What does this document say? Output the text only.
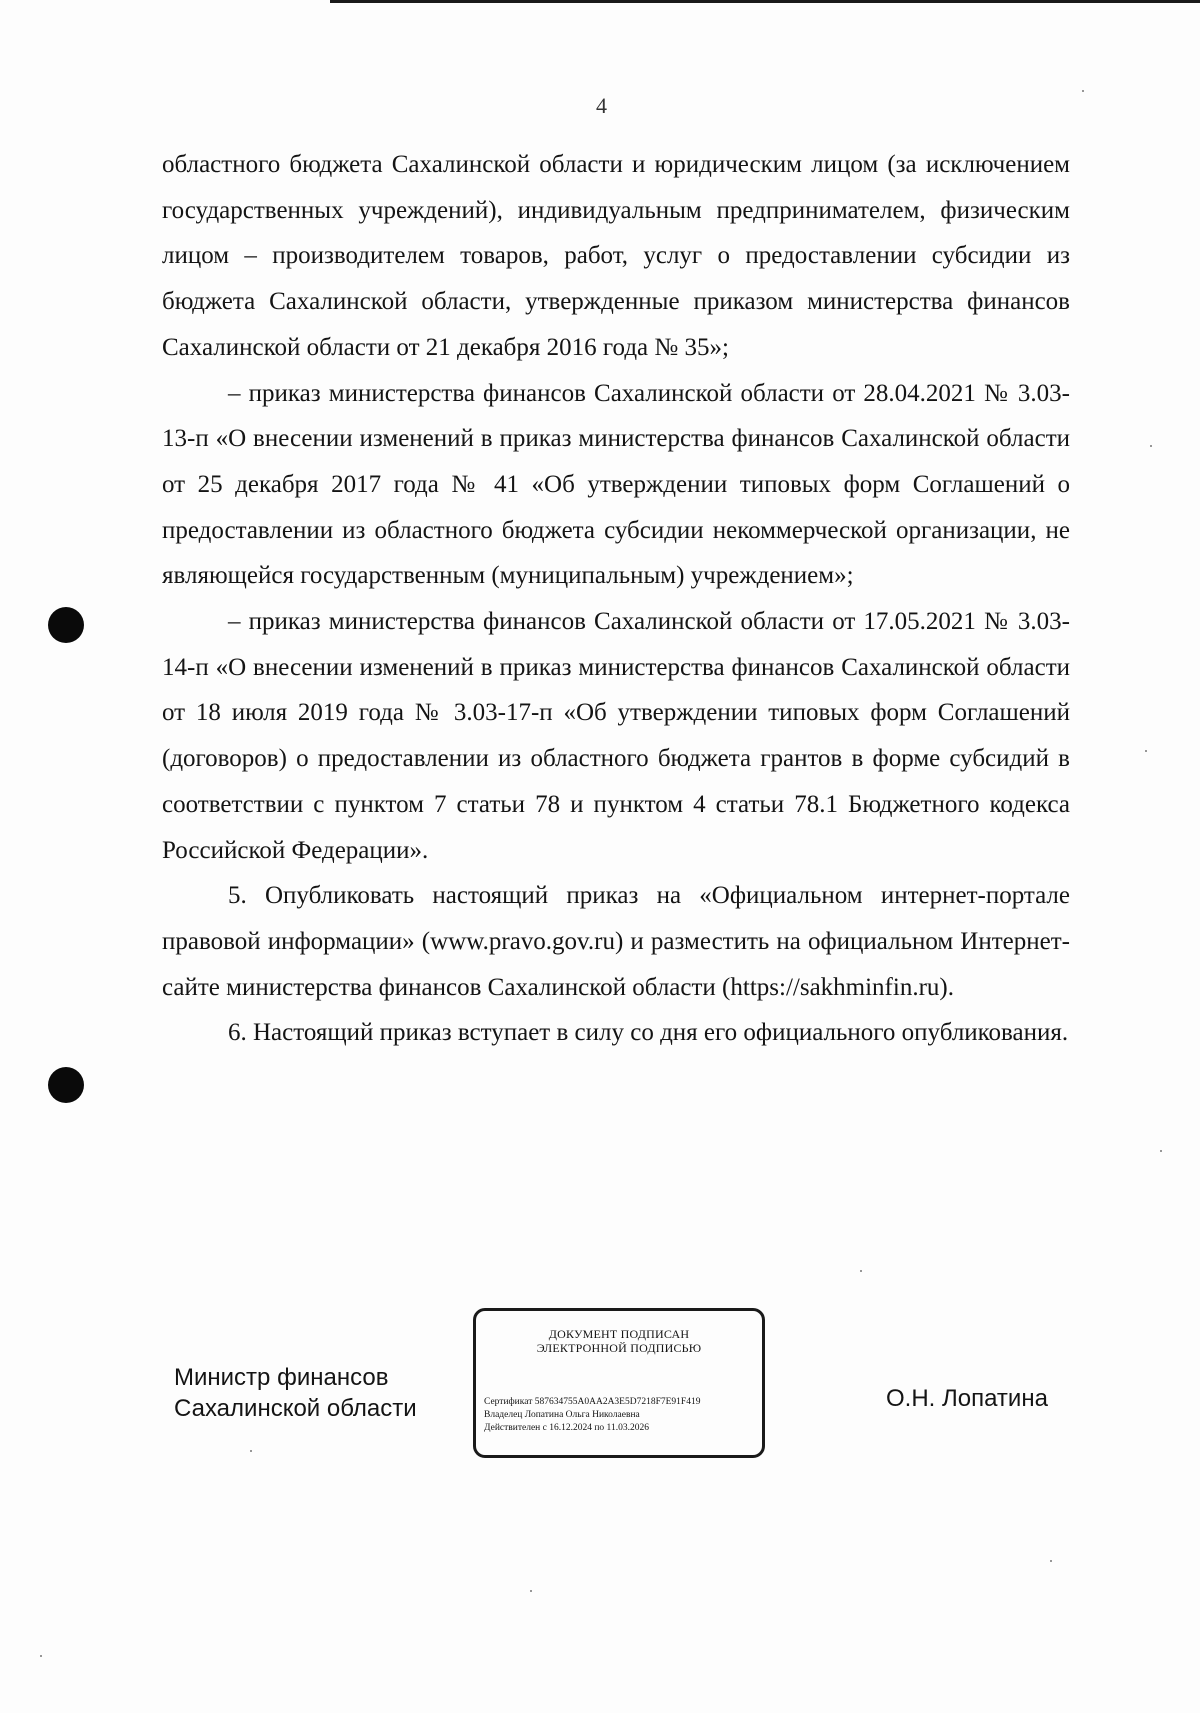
4

областного бюджета Сахалинской области и юридическим лицом (за исключением государственных учреждений), индивидуальным предпринимателем, физическим лицом – производителем товаров, работ, услуг о предоставлении субсидии из бюджета Сахалинской области, утвержденные приказом министерства финансов Сахалинской области от 21 декабря 2016 года № 35»;

– приказ министерства финансов Сахалинской области от 28.04.2021 № 3.03-13-п «О внесении изменений в приказ министерства финансов Сахалинской области от 25 декабря 2017 года № 41 «Об утверждении типовых форм Соглашений о предоставлении из областного бюджета субсидии некоммерческой организации, не являющейся государственным (муниципальным) учреждением»;

– приказ министерства финансов Сахалинской области от 17.05.2021 № 3.03-14-п «О внесении изменений в приказ министерства финансов Сахалинской области от 18 июля 2019 года № 3.03-17-п «Об утверждении типовых форм Соглашений (договоров) о предоставлении из областного бюджета грантов в форме субсидий в соответствии с пунктом 7 статьи 78 и пунктом 4 статьи 78.1 Бюджетного кодекса Российской Федерации».

5. Опубликовать настоящий приказ на «Официальном интернет-портале правовой информации» (www.pravo.gov.ru) и разместить на официальном Интернет-сайте министерства финансов Сахалинской области (https://sakhminfin.ru).

6. Настоящий приказ вступает в силу со дня его официального опубликования.

Министр финансов
Сахалинской области
ДОКУМЕНТ ПОДПИСАН
ЭЛЕКТРОННОЙ ПОДПИСЬЮ
Сертификат 587634755A0AA2A3E5D7218F7E91F419
Владелец Лопатина Ольга Николаевна
Действителен с 16.12.2024 по 11.03.2026
О.Н. Лопатина
